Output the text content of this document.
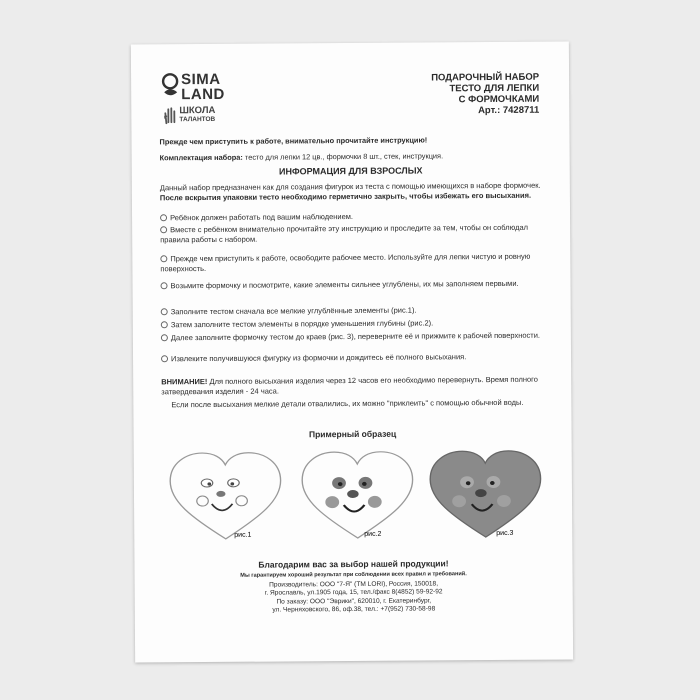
SIMA
LAND
ШКОЛА
ТАЛАНТОВ
ПОДАРОЧНЫЙ НАБОР
ТЕСТО ДЛЯ ЛЕПКИ
С ФОРМОЧКАМИ
Арт.: 7428711
Прежде чем приступить к работе, внимательно прочитайте инструкцию!
Комплектация набора: тесто для лепки 12 цв., формочки 8 шт., стек, инструкция.
ИНФОРМАЦИЯ ДЛЯ ВЗРОСЛЫХ
Данный набор предназначен как для создания фигурок из теста с помощью имеющихся в наборе формочек. После вскрытия упаковки тесто необходимо герметично закрыть, чтобы избежать его высыхания.
Ребёнок должен работать под вашим наблюдением.
Вместе с ребёнком внимательно прочитайте эту инструкцию и проследите за тем, чтобы он соблюдал правила работы с набором.
Прежде чем приступить к работе, освободите рабочее место. Используйте для лепки чистую и ровную поверхность.
Возьмите формочку и посмотрите, какие элементы сильнее углублены, их мы заполняем первыми.
Заполните тестом сначала все мелкие углублённые элементы (рис.1).
Затем заполните тестом элементы в порядке уменьшения глубины (рис.2).
Далее заполните формочку тестом до краев (рис. 3), переверните её и прижмите к рабочей поверхности.
Извлеките получившуюся фигурку из формочки и дождитесь её полного высыхания.
ВНИМАНИЕ! Для полного высыхания изделия через 12 часов его необходимо перевернуть. Время полного затвердевания изделия - 24 часа.
Если после высыхания мелкие детали отвалились, их можно "приклеить" с помощью обычной воды.
Примерный образец
рис.1	рис.2	рис.3
Благодарим вас за выбор нашей продукции!
Мы гарантируем хороший результат при соблюдении всех правил и требований.
Производитель: ООО "7-Я" (ТМ LORI), Россия, 150018,
г. Ярославль, ул.1905 года, 15, тел./факс 8(4852) 59-92-92
По заказу: ООО "Эврики", 620010, г. Екатеринбург,
ул. Черняховского, 86, оф.38, тел.: +7(952) 730-58-98
